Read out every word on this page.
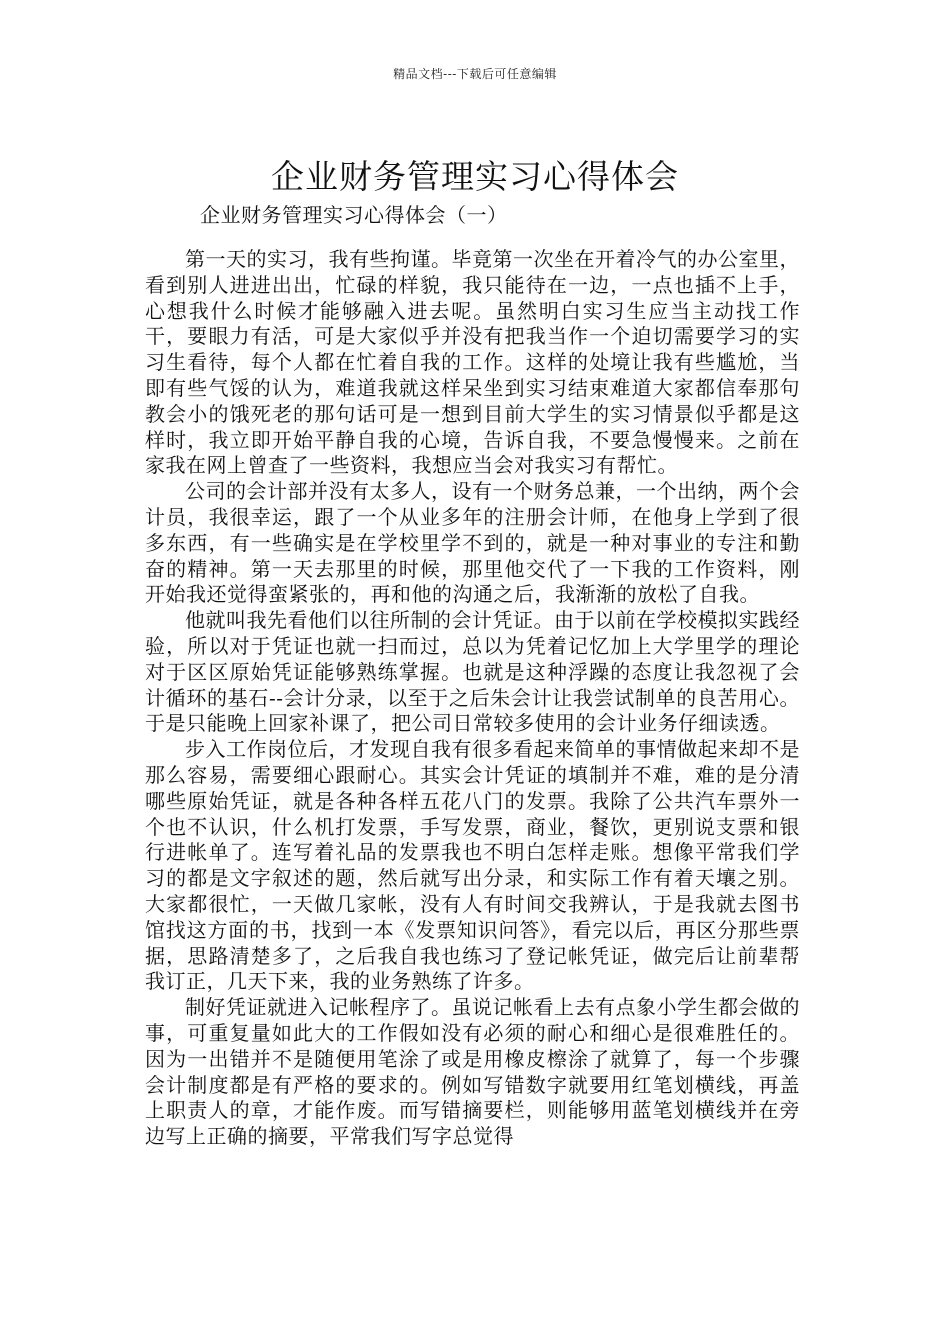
精品文档---下载后可任意编辑
企业财务管理实习心得体会
企业财务管理实习心得体会（一）

第一天的实习，我有些拘谨。毕竟第一次坐在开着冷气的办公室里，看到别人进进出出，忙碌的样貌，我只能待在一边，一点也插不上手，心想我什么时候才能够融入进去呢。虽然明白实习生应当主动找工作干，要眼力有活，可是大家似乎并没有把我当作一个迫切需要学习的实习生看待，每个人都在忙着自我的工作。这样的处境让我有些尴尬，当即有些气馁的认为，难道我就这样呆坐到实习结束难道大家都信奉那句教会小的饿死老的那句话可是一想到目前大学生的实习情景似乎都是这样时，我立即开始平静自我的心境，告诉自我，不要急慢慢来。之前在家我在网上曾查了一些资料，我想应当会对我实习有帮忙。

公司的会计部并没有太多人，设有一个财务总兼，一个出纳，两个会计员，我很幸运，跟了一个从业多年的注册会计师，在他身上学到了很多东西，有一些确实是在学校里学不到的，就是一种对事业的专注和勤奋的精神。第一天去那里的时候，那里他交代了一下我的工作资料，刚开始我还觉得蛮紧张的，再和他的沟通之后，我渐渐的放松了自我。

他就叫我先看他们以往所制的会计凭证。由于以前在学校模拟实践经验，所以对于凭证也就一扫而过，总以为凭着记忆加上大学里学的理论对于区区原始凭证能够熟练掌握。也就是这种浮躁的态度让我忽视了会计循环的基石--会计分录，以至于之后朱会计让我尝试制单的良苦用心。于是只能晚上回家补课了，把公司日常较多使用的会计业务仔细读透。

步入工作岗位后，才发现自我有很多看起来简单的事情做起来却不是那么容易，需要细心跟耐心。其实会计凭证的填制并不难，难的是分清哪些原始凭证，就是各种各样五花八门的发票。我除了公共汽车票外一个也不认识，什么机打发票，手写发票，商业，餐饮，更别说支票和银行进帐单了。连写着礼品的发票我也不明白怎样走账。想像平常我们学习的都是文字叙述的题，然后就写出分录，和实际工作有着天壤之别。大家都很忙，一天做几家帐，没有人有时间交我辨认，于是我就去图书馆找这方面的书，找到一本《发票知识问答》，看完以后，再区分那些票据，思路清楚多了，之后我自我也练习了登记帐凭证，做完后让前辈帮我订正，几天下来，我的业务熟练了许多。

制好凭证就进入记帐程序了。虽说记帐看上去有点象小学生都会做的事，可重复量如此大的工作假如没有必须的耐心和细心是很难胜任的。因为一出错并不是随便用笔涂了或是用橡皮檫涂了就算了，每一个步骤会计制度都是有严格的要求的。例如写错数字就要用红笔划横线，再盖上职责人的章，才能作废。而写错摘要栏，则能够用蓝笔划横线并在旁边写上正确的摘要，平常我们写字总觉得
